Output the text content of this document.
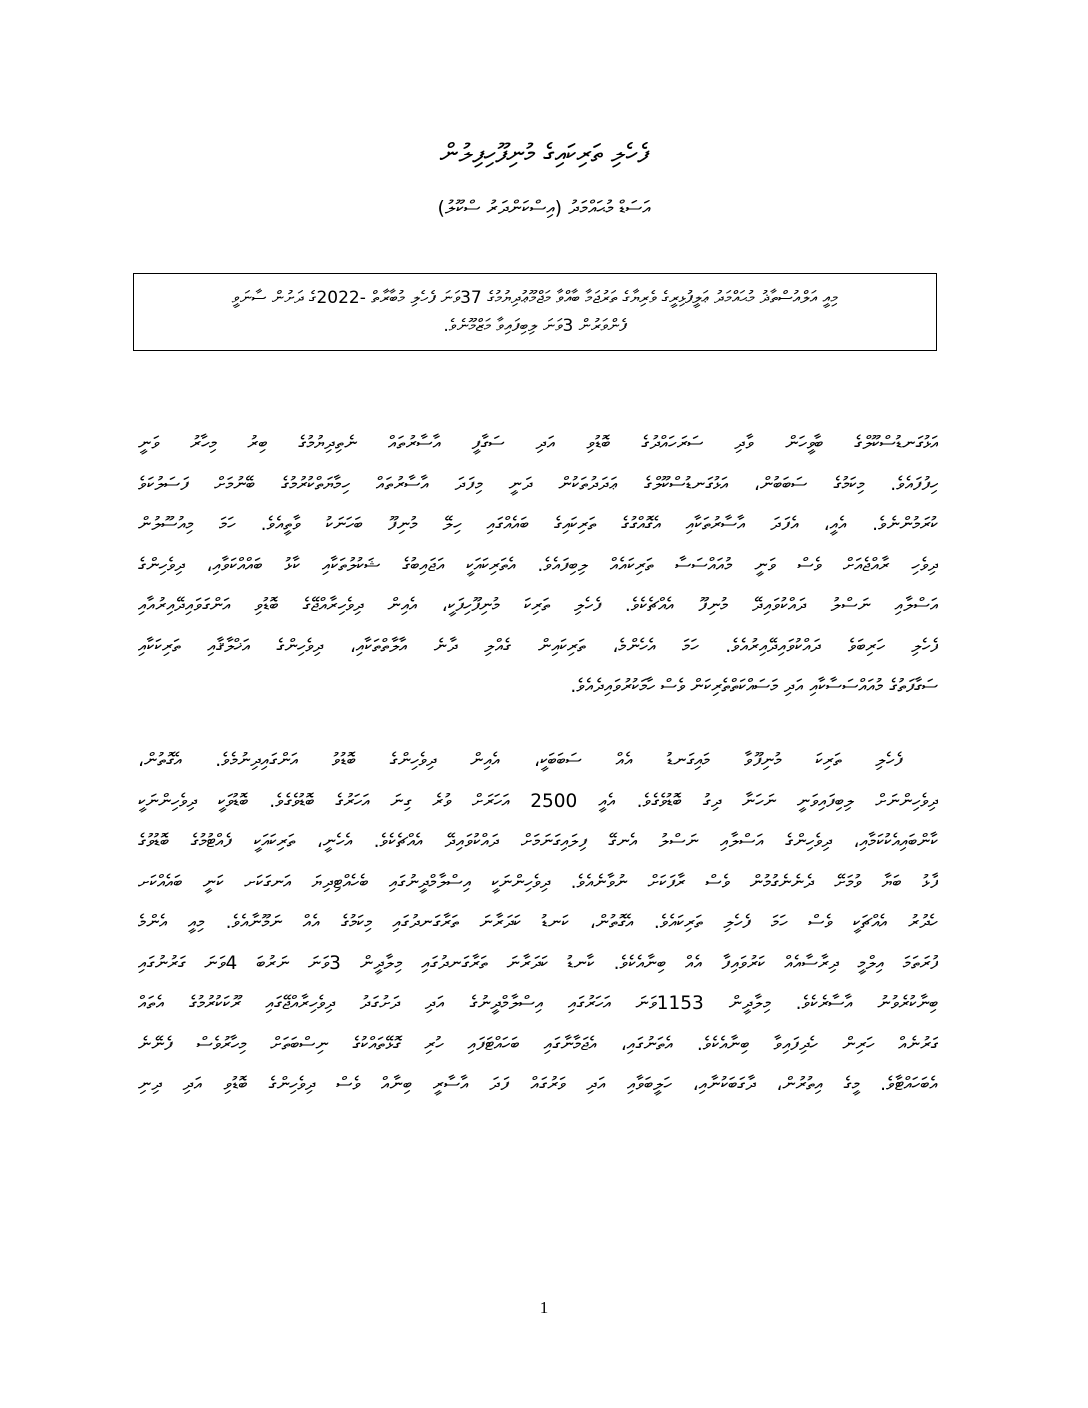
ފެހެލި ތަރިކައިގެ މުނިފޫހިފިލުން
އަސަޑް މުޙައްމަދު (އިސްކަންދަރު ސްކޫލު)
މިއީ އަލްއުސްތާޛު މުޙައްމަދު ޢަލީފުޅިރީގެ ވެރިޔާގެ ތަރުޖަމާ ބާއްވާ މަޖްމޫޢުދިޔުމުގެ 37ވަނަ ފެހެލި މުބާރާތް -2022ގެ ދަށުން ސާނަވީ
ފެންވަރުން 3ވަނަ ލިބިފައިވާ މަޒްމޫނެވެ.
އަޅުގަނޑުސްކޫލްގެ ބާވީހަން ވާދި ސަރަހައްދުގެ ބޮޑުވި އަދި ސަގާފީ އާސާރުތައް ނެތިދިޔުމުގެ ބިރު މިހާރު ވަނީ
ހިފުފައެވެ. މިކަމުގެ ސަބަބުން، އަޅުގަނޑުސްކޫލްގެ ޢަދަދުތަކުން ދަނީ މިފަދަ އާސާރުތައް ހިމާޔަތްކުރުމުގެ ބޭނުމަށް ފަސަލުކަވެ
ކުރަމުންނެވެ. އެއީ، އެފަދަ އާސާރުތަކާއި އެގޮއްގުގެ ތަރިކައިގެ ބައެއްގައި ހިލޭ މުނިފޫ ބަހަނަކު ވާތީއެވެ. ހަމަ މިއުސޫލުން
ދިވެހި ރާއްޖެއަށް ވެސް ވަނީ މުއައްސަސާ ތަރިކައެއް ލިބިފައެވެ. އެތަރިކައަކީ އަޖައިބުގެ ޝަކުލުތަކާއި ކާޅު ބައްއްކަވާއި، ދިވެހިންގެ
އަސްލާއި ނަސްލު ދައްކުވައިދޭ މުނިފޫ އެއްޗެކެވެ. ފެހެލި ތަރިކަ މުނިފޫހިފަކީ، އެއިން ދިވެހިރާއްޖޭގެ ބޮޑުވި އަންގަވައިދޭއިރުއާއި
ފެހެލި ހަރިބަވެ ދައްކުވައިދޭއިރުއެވެ. ހަމަ އެހެންމެ، ތަރިކައިން ގެއްލި ދާނެ އާލާތްތަކާއި، ދިވެހިންގެ އަޚްލާޤާއި ތަރިކަކާއި
ސަގާފަތުގެ މުއައްސަސާކާއި އަދި މަސައްކަތްތެރިކަން ވެސް ހާމަކުރުވައިދެއެވެ.
ފެހެލި ތަރިކަ މުނިފޫވާ މައިގަނޑު އެއް ސަބަބަކީ، އެއިން ދިވެހިންގެ ބޮޑުވު އަންގައިދިނުމެވެ. އެގޮތުން،
ދިވެހިންނަށް ލިބިފައިވަނީ ނަހަނާ ދިގު ބޮޑުވެގެވެ. އެއީ 2500 އަހަރަށް ވުރެ ގިނަ އަހަރުގެ ބޮޑުވެގެވެ. ބޮޑުވަކީ ދިވެހިންނަކީ
ކާންބައިއެކުކަމާއި، ދިވެހިންގެ އަސްލާއި ނަސްލު އެނގޭ ފިލައިގަނަމަށް ދައްކުވައިދޭ އެއްޗެކެވެ. އެހެނީ، ތަރިކައަކީ ފެއްޓުމުގެ ބޮޑުވުގެ
ފާޅު ބަޔާ ވުމަށޭ ދެނެނެގުމުން ވެސް ރާފަކަށް ނުވާނެއެވެ. ދިވެހިންނަކީ އިސްލާމްދީނުގައި ބެހެއްޓިދިޔަ އަނގަކަށ ކަނީ ބައެއްކަށ
ހެދުރު އެއްޗަކީ ވެސް ހަމަ ފެހެލި ތަރިކައެވެ. އެގޮތުން، ކަނޑު ކަދަރާނަ ތަރާގަނދުގައި މިކަމުގެ އެއް ނަމޫނާއެވެ. މިއީ އެންމެ
ފުރަތަމަ އިލްމީ ދިރާސާއެއް ކަރުވައިފާ އެއް ބިނާއެކެވެ. ކާނޑު ކަދަރާނަ ތަރާގަނދުގައި މިލާދީން 3ވަނަ ނަރުބަ 4ވަނަ ގަރުނުގައި
ބިނާކުރެވުނު އާސާރެކެވެ. މިލާދީން 1153ވަނަ އަހަރުގައި އިސްލާމްދީނުގެ އަދި ދަށުގަދު ދިވެހިރާއްޖޭގައި ރޫކަކުރުމުގެ އެތައް
ގަރުނެއް ހަރިން ހެދިފައިވާ ބިނާއެކެވެ. އެތަނުގައި، އެޖަމާނާގައި ބަހައްޓަފައި ހުރި ގޮޅޭތައްކުގެ ނިސްބަތަށް މިހާރުވެސް ފެނޭނެ
އެބަހައްޓާވެ. މީގެ އިތުރުން، ދާގަބަކުނާއި، ހަލީބަވާއި އަދި ވަރުގައް ފަދަ އާސާރީ ބިނާއް ވެސް ދިވެހިންގެ ބޮޑުވި އަދި ދިނި
1
